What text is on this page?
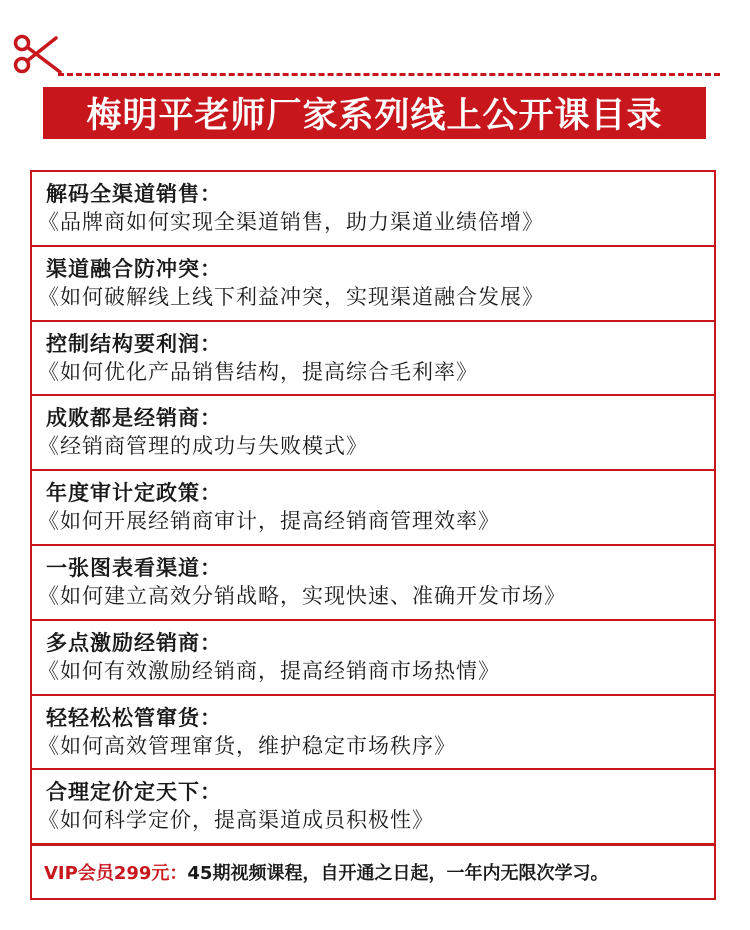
梅明平老师厂家系列线上公开课目录
解码全渠道销售：
《品牌商如何实现全渠道销售，助力渠道业绩倍增》
渠道融合防冲突：
《如何破解线上线下利益冲突，实现渠道融合发展》
控制结构要利润：
《如何优化产品销售结构，提高综合毛利率》
成败都是经销商：
《经销商管理的成功与失败模式》
年度审计定政策：
《如何开展经销商审计，提高经销商管理效率》
一张图表看渠道：
《如何建立高效分销战略，实现快速、准确开发市场》
多点激励经销商：
《如何有效激励经销商，提高经销商市场热情》
轻轻松松管窜货：
《如何高效管理窜货，维护稳定市场秩序》
合理定价定天下：
《如何科学定价，提高渠道成员积极性》
VIP会员299元： 45期视频课程，自开通之日起，一年内无限次学习。
